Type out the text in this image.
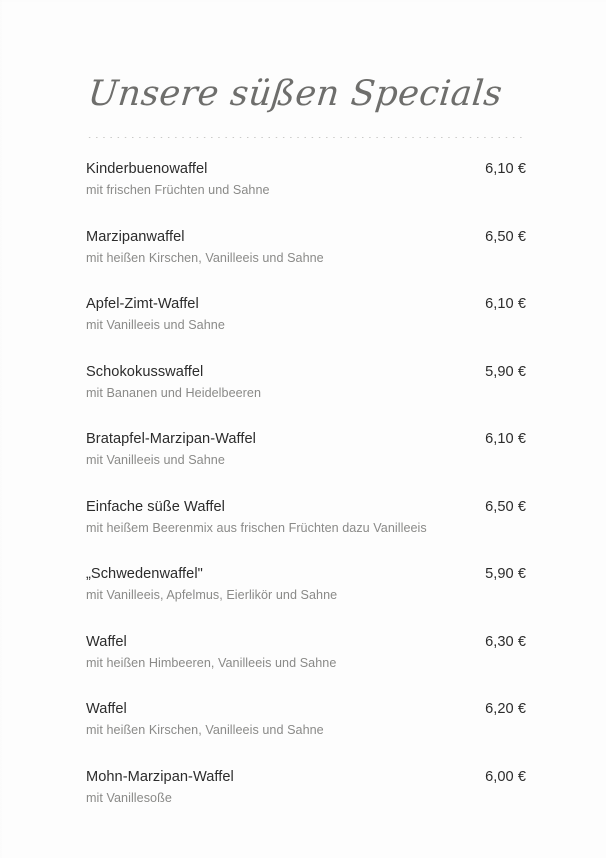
Unsere süßen Specials
Kinderbuenowaffel	6,10 €
mit frischen Früchten und Sahne
Marzipanwaffel	6,50 €
mit heißen Kirschen, Vanilleeis und Sahne
Apfel-Zimt-Waffel	6,10 €
mit Vanilleeis und Sahne
Schokokusswaffel	5,90 €
mit Bananen und Heidelbeeren
Bratapfel-Marzipan-Waffel	6,10 €
mit Vanilleeis und Sahne
Einfache süße Waffel	6,50 €
mit heißem Beerenmix aus frischen Früchten dazu Vanilleeis
„Schwedenwaffel"	5,90 €
mit Vanilleeis, Apfelmus, Eierlikör und Sahne
Waffel	6,30 €
mit heißen Himbeeren, Vanilleeis und Sahne
Waffel	6,20 €
mit heißen Kirschen, Vanilleeis und Sahne
Mohn-Marzipan-Waffel	6,00 €
mit Vanillesoße
